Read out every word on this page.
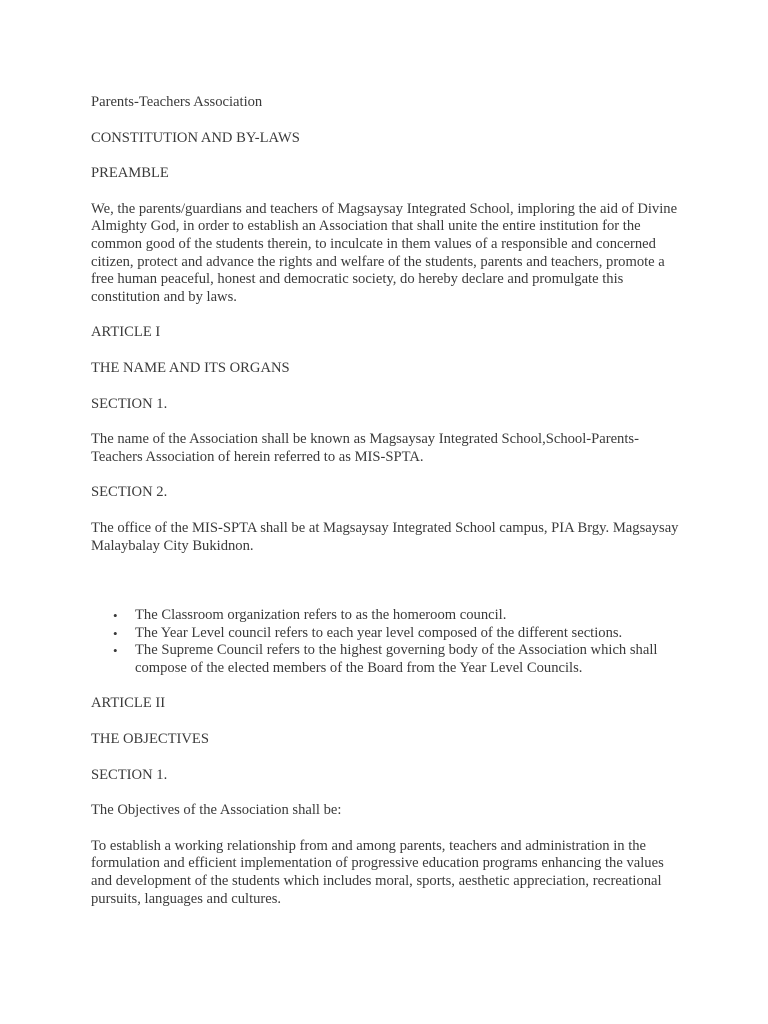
Parents-Teachers Association

CONSTITUTION AND BY-LAWS

PREAMBLE

We, the parents/guardians and teachers of Magsaysay Integrated School, imploring the aid of Divine Almighty God, in order to establish an Association that shall unite the entire institution for the common good of the students therein, to inculcate in them values of a responsible and concerned citizen, protect and advance the rights and welfare of the students, parents and teachers, promote a free human peaceful, honest and democratic society, do hereby declare and promulgate this constitution and by laws.

ARTICLE I

THE NAME AND ITS ORGANS

SECTION 1.

The name of the Association shall be known as Magsaysay Integrated School,School-Parents-Teachers Association of herein referred to as MIS-SPTA.

SECTION 2.

The office of the MIS-SPTA shall be at Magsaysay Integrated School campus, PIA Brgy. Magsaysay Malaybalay City Bukidnon.

• The Classroom organization refers to as the homeroom council.
• The Year Level council refers to each year level composed of the different sections.
• The Supreme Council refers to the highest governing body of the Association which shall compose of the elected members of the Board from the Year Level Councils.

ARTICLE II

THE OBJECTIVES

SECTION 1.

The Objectives of the Association shall be:

To establish a working relationship from and among parents, teachers and administration in the formulation and efficient implementation of progressive education programs enhancing the values and development of the students which includes moral, sports, aesthetic appreciation, recreational pursuits, languages and cultures.
